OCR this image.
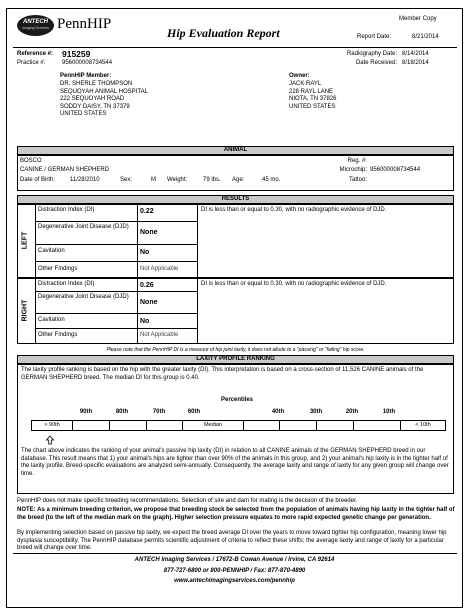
ANTECH
Imaging Services PennHIP
Hip Evaluation Report
Member Copy
Report Date:	8/21/2014
Reference #: 915259
Practice #:	956000008734544
Radiography Date: 8/14/2014
Date Received: 8/18/2014
PennHIP Member:
DR. SHERLE THOMPSON
SEQUOYAH ANIMAL HOSPITAL
222 SEQUOYAH ROAD
SODDY DAISY, TN 37379
UNITED STATES
Owner:
JACK RAYL
228 RAYL LANE
NIOTA, TN 37826
UNITED STATES
ANIMAL
BOSCO
CANINE / GERMAN SHEPHERD
Date of Birth: 11/28/2010	Sex:	M Weight:	79 lbs. Age:	45 mo.
Reg. #:
Microchip: 956000008734544
Tattoo:
RESULTS
LEFT
Distraction Index (DI)	0.22
Degenerative Joint Disease (DJD)
None
Cavitation	No
Other Findings	Not Applicable
DI is less than or equal to 0.30, with no radiographic evidence of DJD.
RIGHT
Distraction Index (DI)	0.26
Degenerative Joint Disease (DJD)
None
Cavitation	No
Other Findings	Not Applicable
DI is less than or equal to 0.30, with no radiographic evidence of DJD.
Please note that the PennHIP DI is a measure of hip joint laxity, it does not allude to a "passing" or "failing" hip score.
LAXITY PROFILE RANKING
The laxity profile ranking is based on the hip with the greater laxity (DI). This interpretation is based on a cross-section of 11,526 CANINE animals of the GERMAN SHEPHERD breed. The median DI for this group is 0.40.
Percentiles
90th	80th	70th	60th	40th	30th	20th	10th
> 90th	Median	< 10th
The chart above indicates the ranking of your animal's passive hip laxity (DI) in relation to all CANINE animals of the GERMAN SHEPHERD breed in our database. This result means that 1) your animal's hips are tighter than over 90% of the animals in this group, and 2) your animal's hip laxity is in the tighter half of the laxity profile. Breed-specific evaluations are analyzed semi-annually. Consequently, the average laxity and range of laxity for any given group will change over time.
PennHIP does not make specific breeding recommendations. Selection of sire and dam for mating is the decision of the breeder.
NOTE: As a minimum breeding criterion, we propose that breeding stock be selected from the population of animals having hip laxity in the tighter half of the breed (to the left of the median mark on the graph). Higher selection pressure equates to more rapid expected genetic change per generation.
By implementing selection based on passive hip laxity, we expect the breed average DI over the years to move toward tighter hip configuration, meaning lower hip dysplasia susceptibility. The PennHIP database permits scientific adjustment of criteria to reflect these shifts; the average laxity and range of laxity for a particular breed will change over time.
ANTECH Imaging Services / 17672-B Cowan Avenue / Irvine, CA 92614
877-727-6800 or 800-PENNHIP / Fax: 877-870-4890
www.antechimagingservices.com/pennhip
